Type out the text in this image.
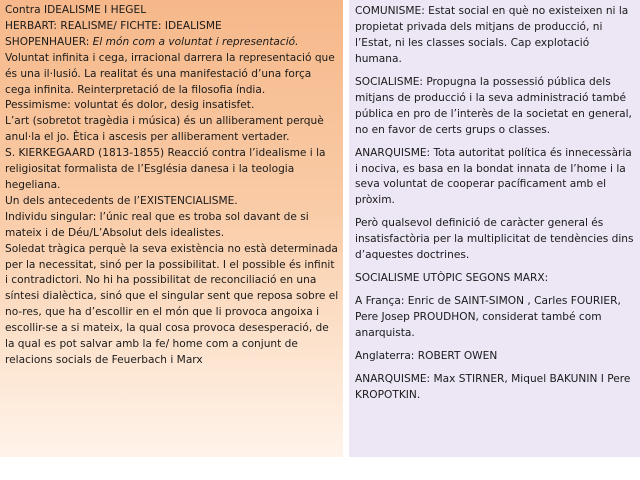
Contra IDEALISME I HEGEL

HERBART: REALISME/ FICHTE: IDEALISME

SHOPENHAUER: El món com a voluntat i representació.

Voluntat infinita i cega, irracional darrera la representació que és una il·lusió. La realitat és una manifestació d’una força cega infinita. Reinterpretació de la filosofia índia.

Pessimisme: voluntat és dolor, desig insatisfet.

L’art (sobretot tragèdia i música) és un alliberament perquè anul·la el jo. Ètica i ascesis per alliberament vertader.

S. KIERKEGAARD (1813-1855) Reacció contra l’idealisme i la religiositat formalista de l’Església danesa i la teologia hegeliana.

Un dels antecedents de l’EXISTENCIALISME.

Individu singular: l’únic real que es troba sol davant de si mateix i de Déu/L’Absolut dels idealistes.

Soledat tràgica perquè la seva existència no està determinada per la necessitat, sinó per la possibilitat. I el possible és infinit i contradictori. No hi ha possibilitat de reconciliació en una síntesi dialèctica, sinó que el singular sent que reposa sobre el no-res, que ha d’escollir en el món que li provoca angoixa i escollir-se a si mateix, la qual cosa provoca desesperació, de la qual es pot salvar amb la fe/ home com a conjunt de relacions socials de Feuerbach i Marx

COMUNISME: Estat social en què no existeixen ni la propietat privada dels mitjans de producció, ni l’Estat, ni les classes socials. Cap explotació humana.

SOCIALISME: Propugna la possessió pública dels mitjans de producció i la seva administració també pública en pro de l’interès de la societat en general, no en favor de certs grups o classes.

ANARQUISME: Tota autoritat política és innecessària i nociva, es basa en la bondat innata de l’home i la seva voluntat de cooperar pacíficament amb el pròxim.

Però qualsevol definició de caràcter general és insatisfactòria per la multiplicitat de tendències dins d’aquestes doctrines.

SOCIALISME UTÒPIC SEGONS MARX:

A França: Enric de SAINT-SIMON , Carles FOURIER, Pere Josep PROUDHON, considerat també com anarquista.

Anglaterra: ROBERT OWEN

ANARQUISME: Max STIRNER, Miquel BAKUNIN I Pere KROPOTKIN.
